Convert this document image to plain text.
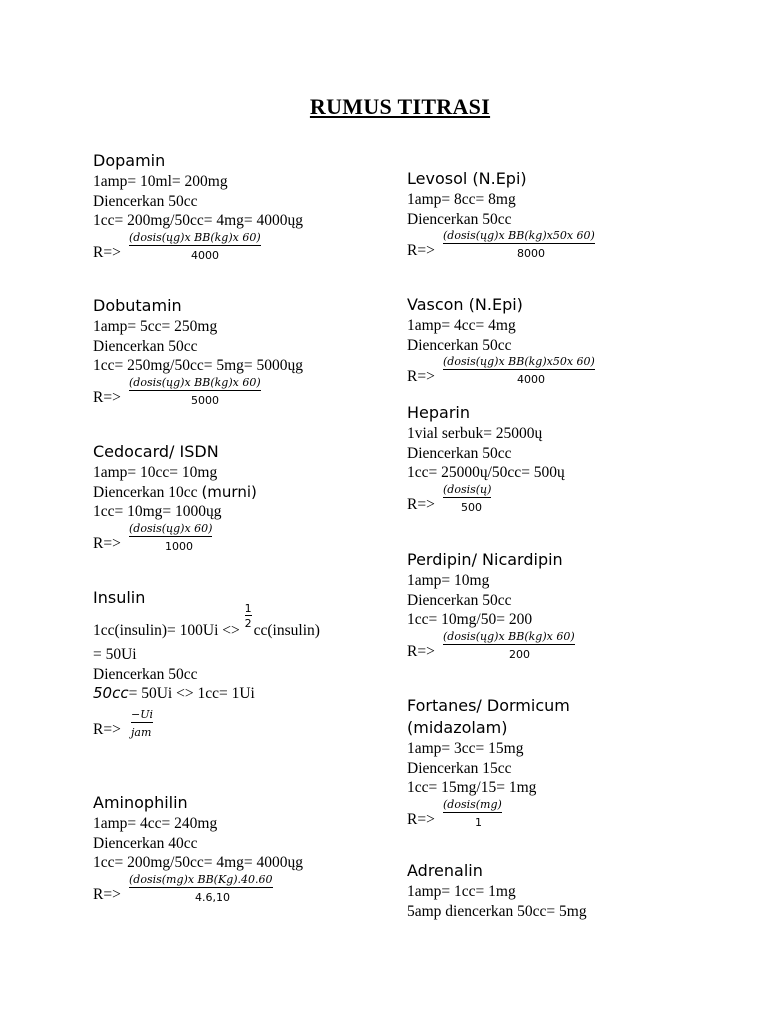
RUMUS TITRASI
Dopamin
1amp= 10ml= 200mg
Diencerkan 50cc
1cc= 200mg/50cc= 4mg= 4000ųg
R=>
(dosis(ųg)x BB(kg)x 60)
4000
Dobutamin
1amp= 5cc= 250mg
Diencerkan 50cc
1cc= 250mg/50cc= 5mg= 5000ųg
R=>
(dosis(ųg)x BB(kg)x 60)
5000
Cedocard/ ISDN
1amp= 10cc= 10mg
Diencerkan 10cc (murni)
1cc= 10mg= 1000ųg
R=>
(dosis(ųg)x 60)
1000
Insulin
1cc(insulin)= $100Ui <> \frac{1}{2}$ cc(insulin)
= 50Ui
Diencerkan 50cc
50cc= 50Ui <> 1cc= 1Ui
R=>
−Ui
jam
Aminophilin
1amp= 4cc= 240mg
Diencerkan 40cc
1cc= 200mg/50cc= 4mg= 4000ųg
R=>
(dosis(mg)x BB(Kg).40.60
4.6,10
Levosol (N.Epi)
1amp= 8cc= 8mg
Diencerkan 50cc
R=>
(dosis(ųg)x BB(kg)x50x 60)
8000
Vascon (N.Epi)
1amp= 4cc= 4mg
Diencerkan 50cc
R=>
(dosis(ųg)x BB(kg)x50x 60)
4000
Heparin
1vial serbuk= 25000ų
Diencerkan 50cc
1cc= 25000ų/50cc= 500ų
R=>
(dosis(ų)
500
Perdipin/ Nicardipin
1amp= 10mg
Diencerkan 50cc
1cc= 10mg/50= 200
R=>
(dosis(ųg)x BB(kg)x 60)
200
Fortanes/ Dormicum
(midazolam)
1amp= 3cc= 15mg
Diencerkan 15cc
1cc= 15mg/15= 1mg
R=>
(dosis(mg)
1
Adrenalin
1amp= 1cc= 1mg
5amp diencerkan 50cc= 5mg
